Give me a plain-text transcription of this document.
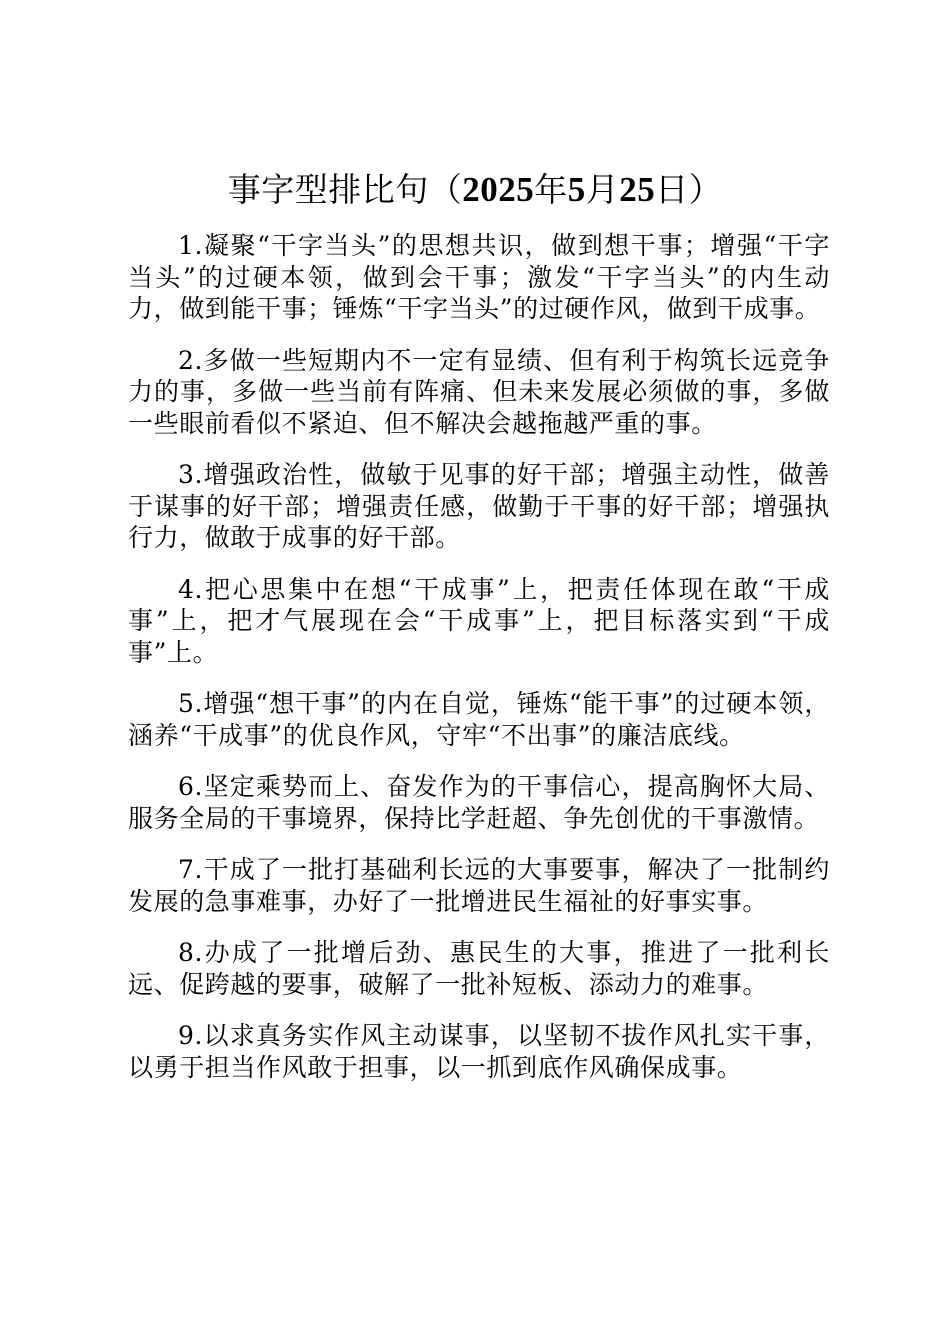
事字型排比句（2025年5月25日）

1.凝聚“干字当头”的思想共识，做到想干事；增强“干字当头”的过硬本领，做到会干事；激发“干字当头”的内生动力，做到能干事；锤炼“干字当头”的过硬作风，做到干成事。

2.多做一些短期内不一定有显绩、但有利于构筑长远竞争力的事，多做一些当前有阵痛、但未来发展必须做的事，多做一些眼前看似不紧迫、但不解决会越拖越严重的事。

3.增强政治性，做敏于见事的好干部；增强主动性，做善于谋事的好干部；增强责任感，做勤于干事的好干部；增强执行力，做敢于成事的好干部。

4.把心思集中在想“干成事”上，把责任体现在敢“干成事”上，把才气展现在会“干成事”上，把目标落实到“干成事”上。

5.增强“想干事”的内在自觉，锤炼“能干事”的过硬本领，涵养“干成事”的优良作风，守牢“不出事”的廉洁底线。

6.坚定乘势而上、奋发作为的干事信心，提高胸怀大局、服务全局的干事境界，保持比学赶超、争先创优的干事激情。

7.干成了一批打基础利长远的大事要事，解决了一批制约发展的急事难事，办好了一批增进民生福祉的好事实事。

8.办成了一批增后劲、惠民生的大事，推进了一批利长远、促跨越的要事，破解了一批补短板、添动力的难事。

9.以求真务实作风主动谋事，以坚韧不拔作风扎实干事，以勇于担当作风敢于担事，以一抓到底作风确保成事。
